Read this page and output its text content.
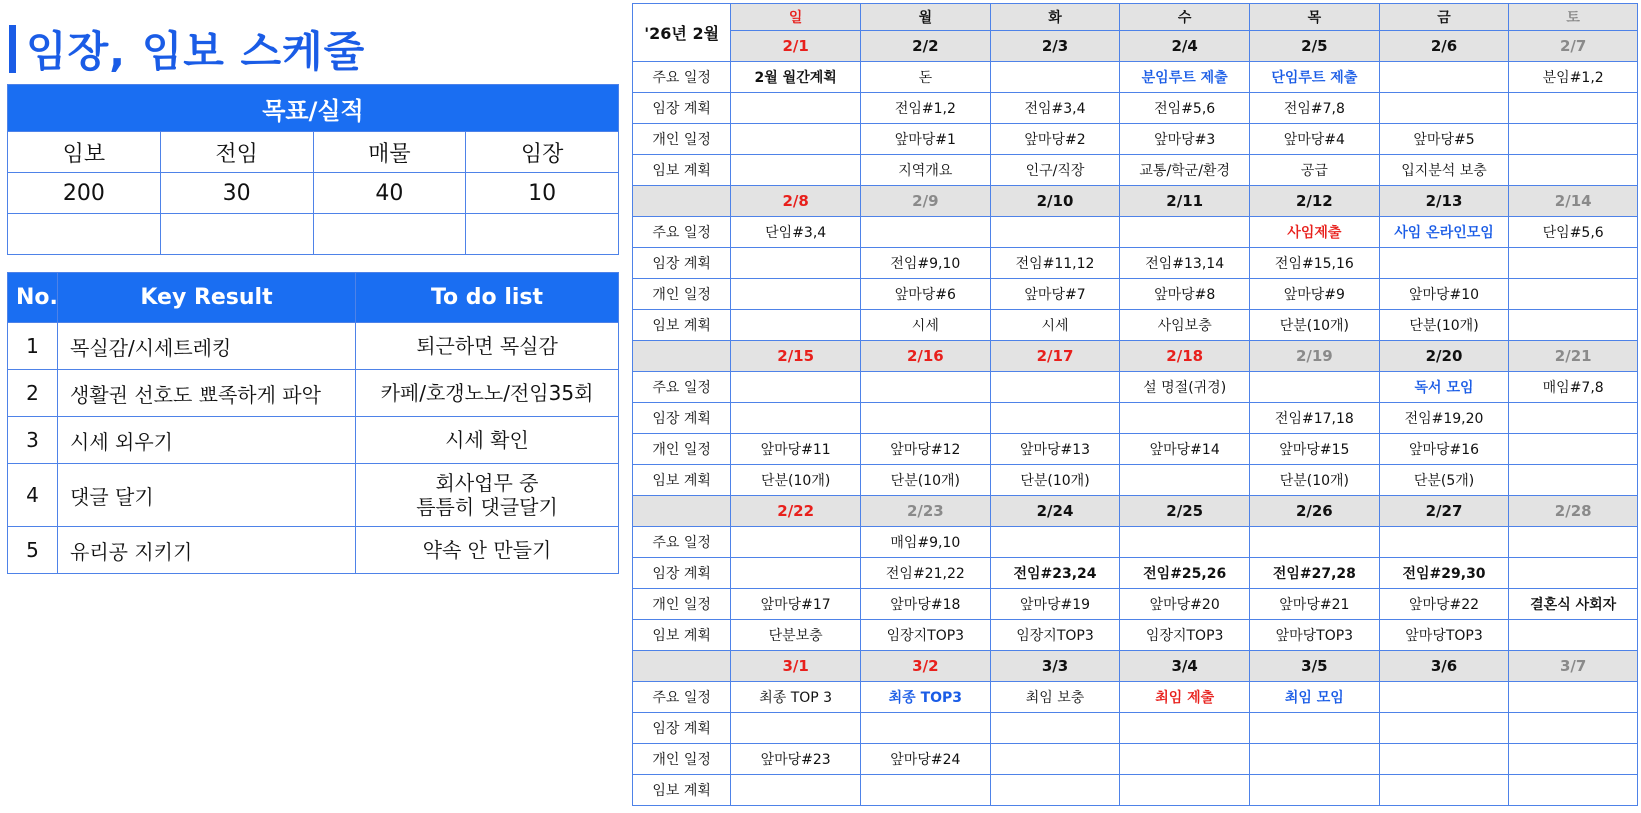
임장, 임보 스케줄
목표/실적			
임보	전임	매물	임장
200	30	40	10

No.	Key Result	To do list
1	목실감/시세트레킹	퇴근하면 목실감
2	생활권 선호도 뾰족하게 파악	카페/호갱노노/전임35회
3	시세 외우기	시세 확인
4	댓글 달기	회사업무 중
틈틈히 댓글달기
5	유리공 지키기	약속 안 만들기
'26년 2월	일	월	화	수	목	금	토
	2/1	2/2	2/3	2/4	2/5	2/6	2/7
주요 일정	2월 월간계획	돈		분임루트 제출	단임루트 제출		분임#1,2
임장 계획		전임#1,2	전임#3,4	전임#5,6	전임#7,8		
개인 일정		앞마당#1	앞마당#2	앞마당#3	앞마당#4	앞마당#5	
임보 계획		지역개요	인구/직장	교통/학군/환경	공급	입지분석 보충	
	2/8	2/9	2/10	2/11	2/12	2/13	2/14
주요 일정	단임#3,4				사임제출	사임 온라인모임	단임#5,6
임장 계획		전임#9,10	전임#11,12	전임#13,14	전임#15,16		
개인 일정		앞마당#6	앞마당#7	앞마당#8	앞마당#9	앞마당#10	
임보 계획		시세	시세	사임보충	단분(10개)	단분(10개)	
	2/15	2/16	2/17	2/18	2/19	2/20	2/21
주요 일정				설 명절(귀경)		독서 모임	매임#7,8
임장 계획					전임#17,18	전임#19,20	
개인 일정	앞마당#11	앞마당#12	앞마당#13	앞마당#14	앞마당#15	앞마당#16	
임보 계획	단분(10개)	단분(10개)	단분(10개)		단분(10개)	단분(5개)	
	2/22	2/23	2/24	2/25	2/26	2/27	2/28
주요 일정		매임#9,10					
임장 계획		전임#21,22	전임#23,24	전임#25,26	전임#27,28	전임#29,30	
개인 일정	앞마당#17	앞마당#18	앞마당#19	앞마당#20	앞마당#21	앞마당#22	결혼식 사회자
임보 계획	단분보충	임장지TOP3	임장지TOP3	임장지TOP3	앞마당TOP3	앞마당TOP3	
	3/1	3/2	3/3	3/4	3/5	3/6	3/7
주요 일정	최종 TOP 3	최종 TOP3	최임 보충	최임 제출	최임 모임		
임장 계획							
개인 일정	앞마당#23	앞마당#24					
임보 계획							
